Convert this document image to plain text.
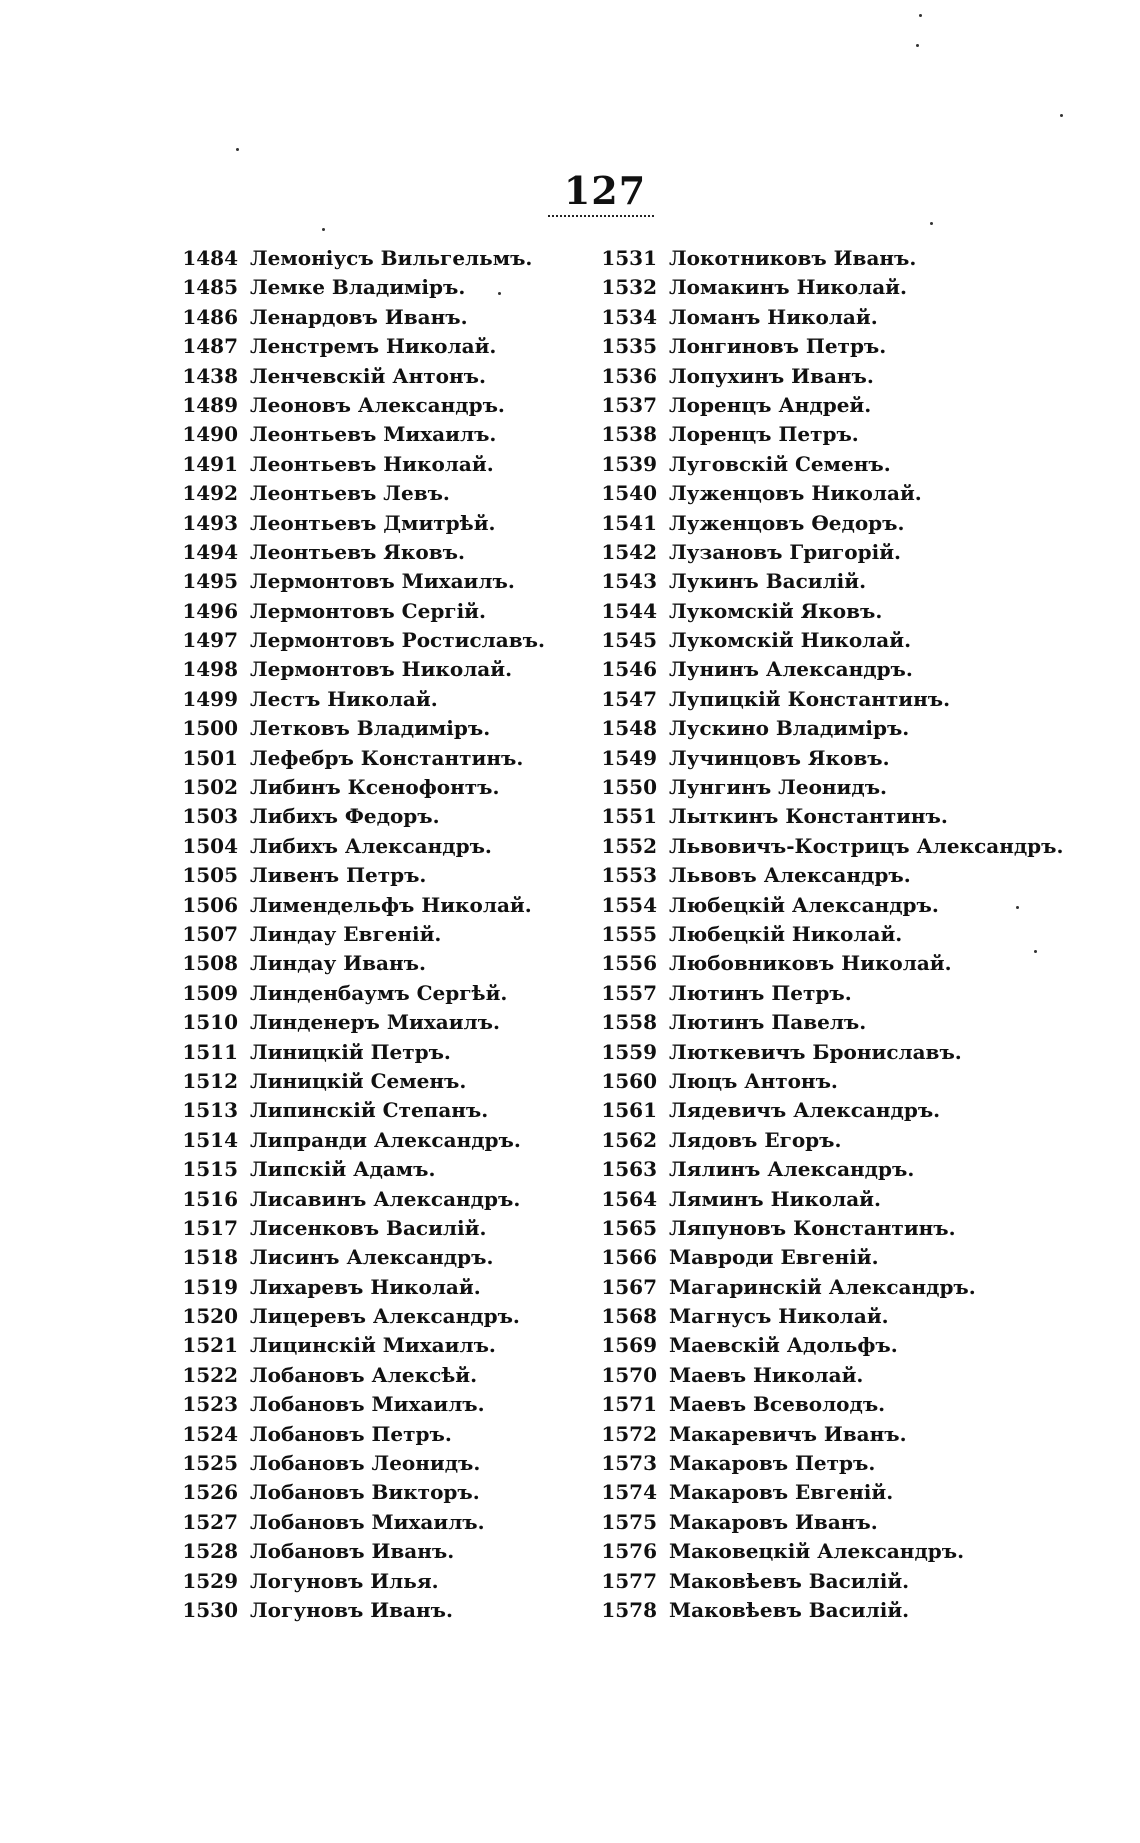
127
1484 Лемоніусъ Вильгельмъ.
1485 Лемке Владиміръ.
1486 Ленардовъ Иванъ.
1487 Ленстремъ Николай.
1438 Ленчевскій Антонъ.
1489 Леоновъ Александръ.
1490 Леонтьевъ Михаилъ.
1491 Леонтьевъ Николай.
1492 Леонтьевъ Левъ.
1493 Леонтьевъ Дмитрѣй.
1494 Леонтьевъ Яковъ.
1495 Лермонтовъ Михаилъ.
1496 Лермонтовъ Сергій.
1497 Лермонтовъ Ростиславъ.
1498 Лермонтовъ Николай.
1499 Лестъ Николай.
1500 Летковъ Владиміръ.
1501 Лефебръ Константинъ.
1502 Либинъ Ксенофонтъ.
1503 Либихъ Федоръ.
1504 Либихъ Александръ.
1505 Ливенъ Петръ.
1506 Лимендельфъ Николай.
1507 Линдау Евгеній.
1508 Линдау Иванъ.
1509 Линденбаумъ Сергѣй.
1510 Линденеръ Михаилъ.
1511 Линицкій Петръ.
1512 Линицкій Семенъ.
1513 Липинскій Степанъ.
1514 Липранди Александръ.
1515 Липскій Адамъ.
1516 Лисавинъ Александръ.
1517 Лисенковъ Василій.
1518 Лисинъ Александръ.
1519 Лихаревъ Николай.
1520 Лицеревъ Александръ.
1521 Лицинскій Михаилъ.
1522 Лобановъ Алексѣй.
1523 Лобановъ Михаилъ.
1524 Лобановъ Петръ.
1525 Лобановъ Леонидъ.
1526 Лобановъ Викторъ.
1527 Лобановъ Михаилъ.
1528 Лобановъ Иванъ.
1529 Логуновъ Илья.
1530 Логуновъ Иванъ.
1531 Локотниковъ Иванъ.
1532 Ломакинъ Николай.
1534 Ломанъ Николай.
1535 Лонгиновъ Петръ.
1536 Лопухинъ Иванъ.
1537 Лоренцъ Андрей.
1538 Лоренцъ Петръ.
1539 Луговскій Семенъ.
1540 Луженцовъ Николай.
1541 Луженцовъ Өедоръ.
1542 Лузановъ Григорій.
1543 Лукинъ Василій.
1544 Лукомскій Яковъ.
1545 Лукомскій Николай.
1546 Лунинъ Александръ.
1547 Лупицкій Константинъ.
1548 Лускино Владиміръ.
1549 Лучинцовъ Яковъ.
1550 Лунгинъ Леонидъ.
1551 Лыткинъ Константинъ.
1552 Львовичъ-Кострицъ Александръ.
1553 Львовъ Александръ.
1554 Любецкій Александръ.
1555 Любецкій Николай.
1556 Любовниковъ Николай.
1557 Лютинъ Петръ.
1558 Лютинъ Павелъ.
1559 Люткевичъ Брониславъ.
1560 Люцъ Антонъ.
1561 Лядевичъ Александръ.
1562 Лядовъ Егоръ.
1563 Лялинъ Александръ.
1564 Ляминъ Николай.
1565 Ляпуновъ Константинъ.
1566 Мавроди Евгеній.
1567 Магаринскій Александръ.
1568 Магнусъ Николай.
1569 Маевскій Адольфъ.
1570 Маевъ Николай.
1571 Маевъ Всеволодъ.
1572 Макаревичъ Иванъ.
1573 Макаровъ Петръ.
1574 Макаровъ Евгеній.
1575 Макаровъ Иванъ.
1576 Маковецкій Александръ.
1577 Маковѣевъ Василій.
1578 Маковѣевъ Василій.
